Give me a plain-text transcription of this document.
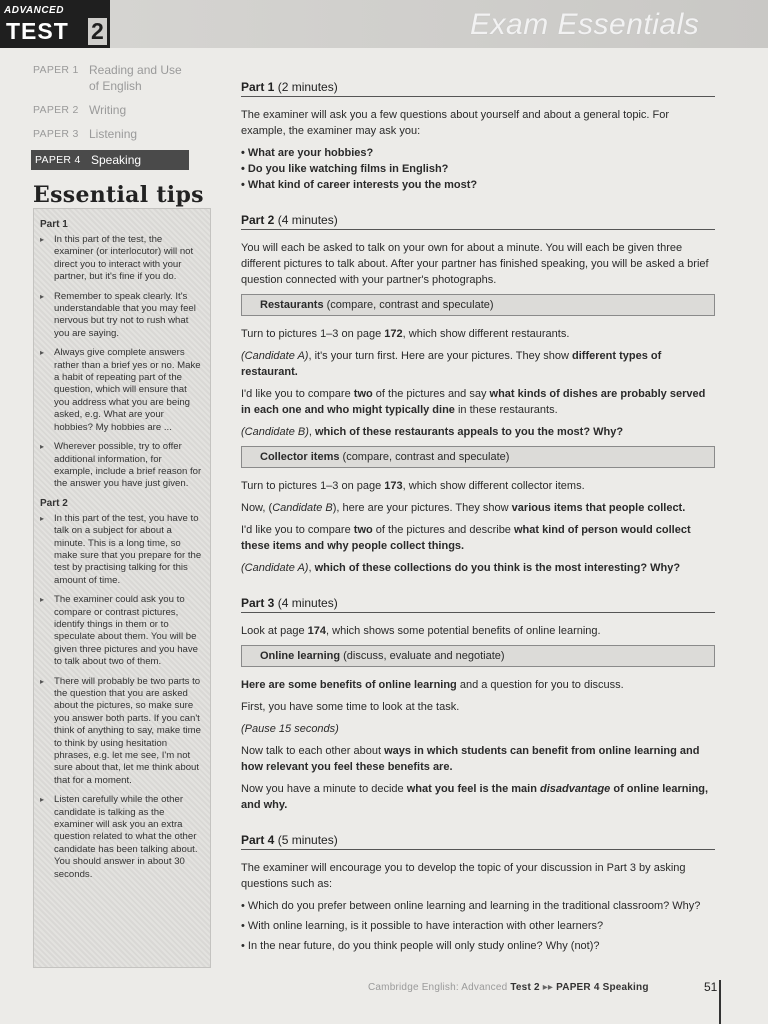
ADVANCED
TEST 2	Exam Essentials
PAPER 1 Reading and Use of English
PAPER 2 Writing
PAPER 3 Listening
PAPER 4 Speaking
Essential tips
Part 1
▸ In this part of the test, the examiner (or interlocutor) will not direct you to interact with your partner, but it's fine if you do.
▸ Remember to speak clearly. It's understandable that you may feel nervous but try not to rush what you are saying.
▸ Always give complete answers rather than a brief yes or no. Make a habit of repeating part of the question, which will ensure that you address what you are being asked, e.g. What are your hobbies? My hobbies are ...
▸ Wherever possible, try to offer additional information, for example, include a brief reason for the answer you have just given.
Part 2
▸ In this part of the test, you have to talk on a subject for about a minute. This is a long time, so make sure that you prepare for the test by practising talking for this amount of time.
▸ The examiner could ask you to compare or contrast pictures, identify things in them or to speculate about them. You will be given three pictures and you have to talk about two of them.
▸ There will probably be two parts to the question that you are asked about the pictures, so make sure you answer both parts. If you can't think of anything to say, make time to think by using hesitation phrases, e.g. let me see, I'm not sure about that, let me think about that for a moment.
▸ Listen carefully while the other candidate is talking as the examiner will ask you an extra question related to what the other candidate has been talking about. You should answer in about 30 seconds.
Part 1 (2 minutes)

The examiner will ask you a few questions about yourself and about a general topic. For example, the examiner may ask you:

• What are your hobbies?
• Do you like watching films in English?
• What kind of career interests you the most?
Part 2 (4 minutes)

You will each be asked to talk on your own for about a minute. You will each be given three different pictures to talk about. After your partner has finished speaking, you will be asked a brief question connected with your partner's photographs.

Restaurants (compare, contrast and speculate)

Turn to pictures 1–3 on page 172, which show different restaurants.

(Candidate A), it's your turn first. Here are your pictures. They show different types of restaurant.

I'd like you to compare two of the pictures and say what kinds of dishes are probably served in each one and who might typically dine in these restaurants.

(Candidate B), which of these restaurants appeals to you the most? Why?

Collector items (compare, contrast and speculate)

Turn to pictures 1–3 on page 173, which show different collector items.

Now, (Candidate B), here are your pictures. They show various items that people collect.

I'd like you to compare two of the pictures and describe what kind of person would collect these items and why people collect things.

(Candidate A), which of these collections do you think is the most interesting? Why?

Part 3 (4 minutes)

Look at page 174, which shows some potential benefits of online learning.

Online learning (discuss, evaluate and negotiate)

Here are some benefits of online learning and a question for you to discuss.

First, you have some time to look at the task.

(Pause 15 seconds)

Now talk to each other about ways in which students can benefit from online learning and how relevant you feel these benefits are.

Now you have a minute to decide what you feel is the main disadvantage of online learning, and why.

Part 4 (5 minutes)

The examiner will encourage you to develop the topic of your discussion in Part 3 by asking questions such as:

• Which do you prefer between online learning and learning in the traditional classroom? Why?
• With online learning, is it possible to have interaction with other learners?
• In the near future, do you think people will only study online? Why (not)?
Cambridge English: Advanced Test 2 ▸▸ PAPER 4 Speaking	51
